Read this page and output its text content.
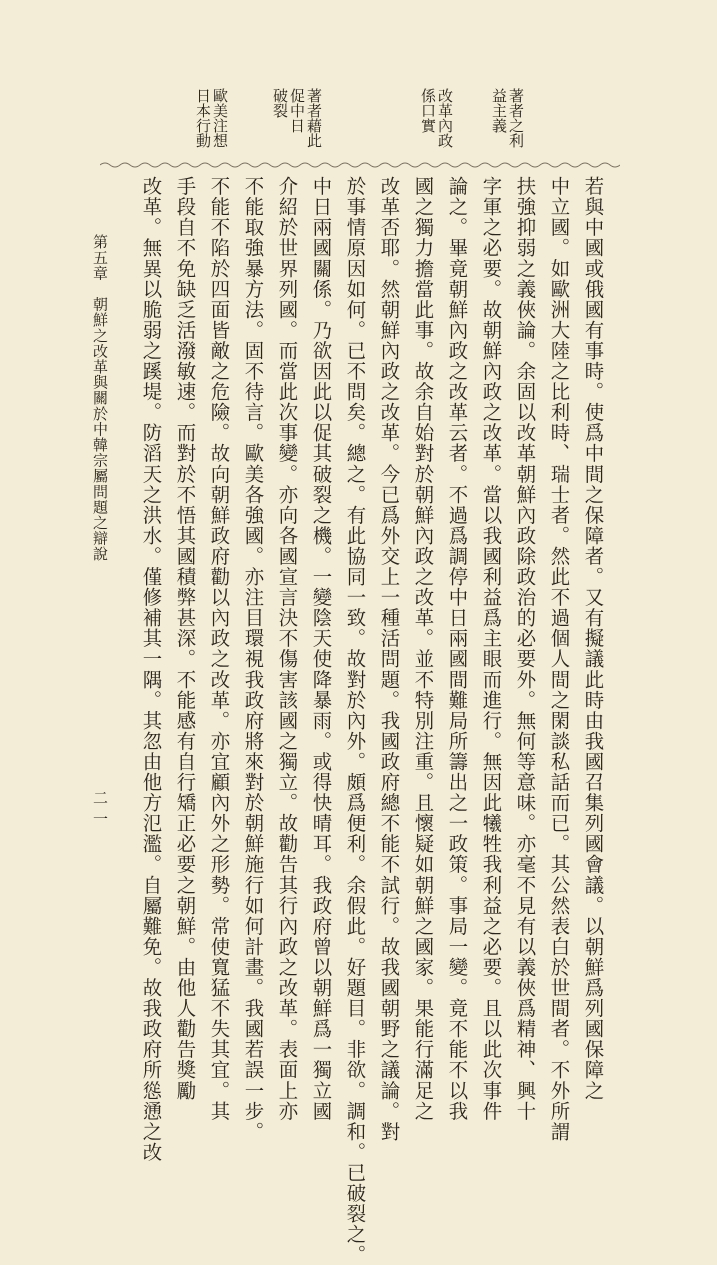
著者之利
益主義
改革內政
係口實
著者藉此
促中日
破裂
歐美注想
日本行動
若與中國或俄國有事時。使爲中間之保障者。又有擬議此時由我國召集列國會議。以朝鮮爲列國保障之
中立國。如歐洲大陸之比利時、瑞士者。然此不過個人間之閑談私話而已。其公然表白於世間者。不外所謂
扶強抑弱之義俠論。余固以改革朝鮮內政除政治的必要外。無何等意味。亦毫不見有以義俠爲精神、興十
字軍之必要。故朝鮮內政之改革。當以我國利益爲主眼而進行。無因此犧牲我利益之必要。且以此次事件
論之。畢竟朝鮮內政之改革云者。不過爲調停中日兩國間難局所籌出之一政策。事局一變。竟不能不以我
國之獨力擔當此事。故余自始對於朝鮮內政之改革。並不特別注重。且懷疑如朝鮮之國家。果能行滿足之
改革否耶。然朝鮮內政之改革。今已爲外交上一種活問題。我國政府總不能不試行。故我國朝野之議論。對
於事情原因如何。已不問矣。總之。有此協同一致。故對於內外。頗爲便利。余假此。好題目。非欲。調和。已破裂之。
中日兩國關係。乃欲因此以促其破裂之機。一變陰天使降暴雨。或得快晴耳。我政府曾以朝鮮爲一獨立國
介紹於世界列國。而當此次事變。亦向各國宣言決不傷害該國之獨立。故勸告其行內政之改革。表面上亦
不能取強暴方法。固不待言。歐美各強國。亦注目環視我政府將來對於朝鮮施行如何計畫。我國若誤一步。
不能不陷於四面皆敵之危險。故向朝鮮政府勸以內政之改革。亦宜顧內外之形勢。常使寬猛不失其宜。其
手段自不免缺乏活潑敏速。而對於不悟其國積弊甚深。不能感有自行矯正必要之朝鮮。由他人勸告獎勵
改革。無異以脆弱之蹊堤。防滔天之洪水。僅修補其一隅。其忽由他方氾濫。自屬難免。故我政府所慫慂之改
第五章　朝鮮之改革與關於中韓宗屬問題之辯說
二一
